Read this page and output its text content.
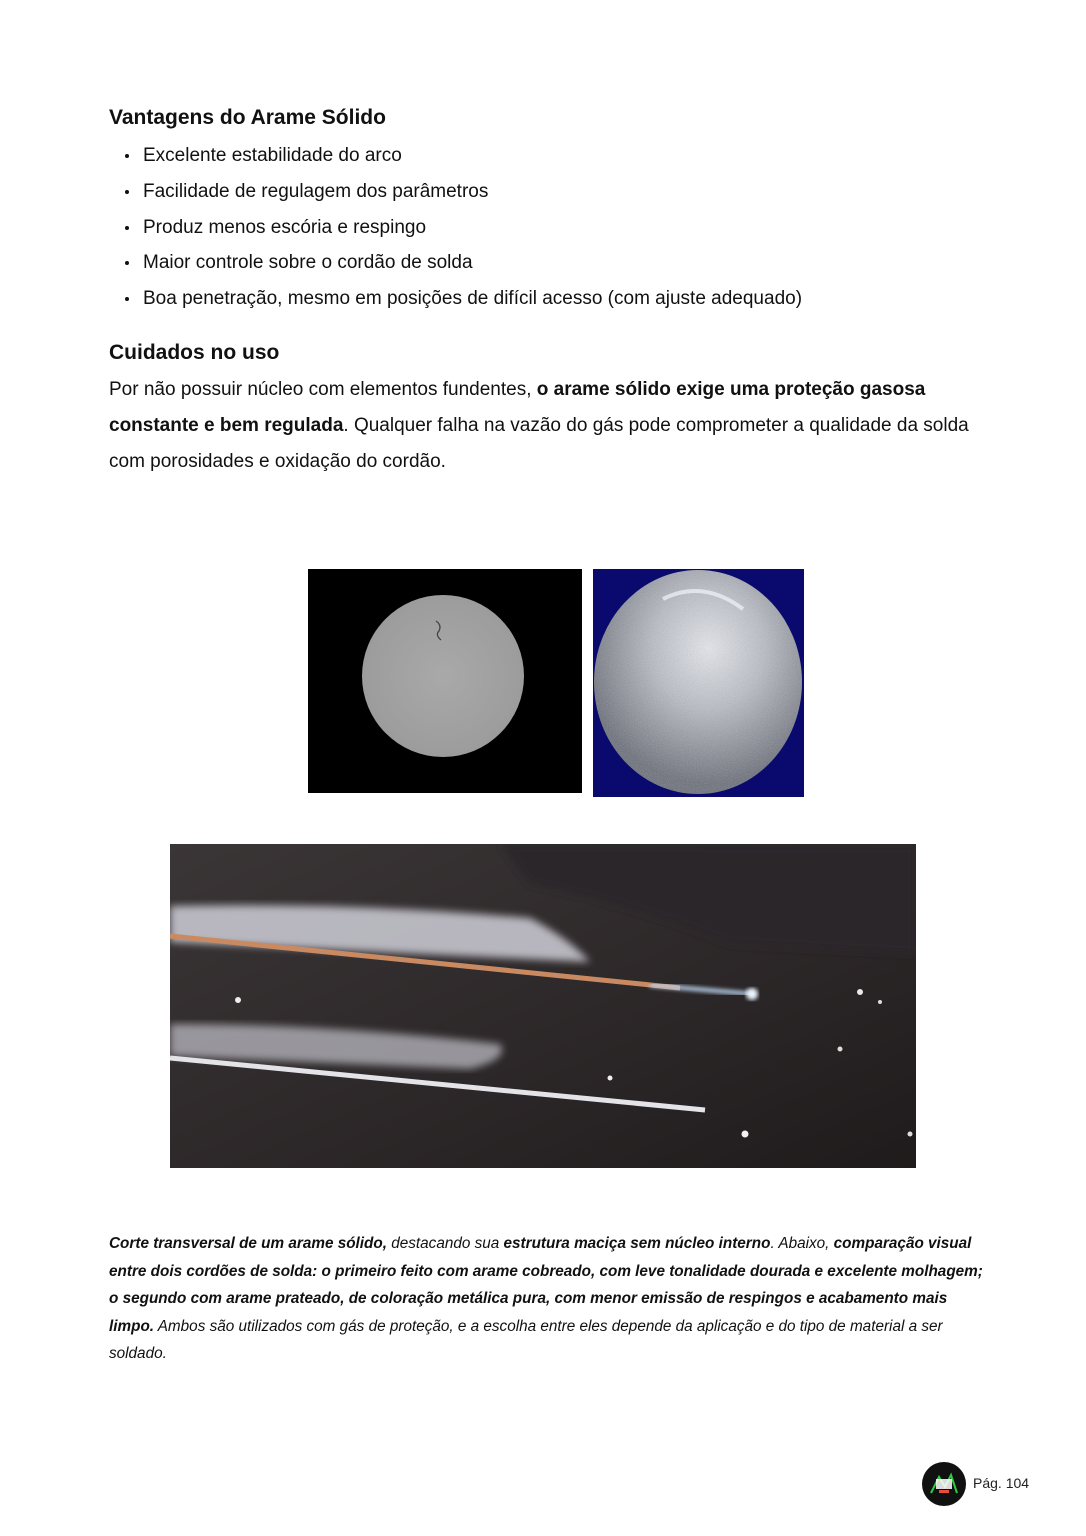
Vantagens do Arame Sólido
Excelente estabilidade do arco
Facilidade de regulagem dos parâmetros
Produz menos escória e respingo
Maior controle sobre o cordão de solda
Boa penetração, mesmo em posições de difícil acesso (com ajuste adequado)
Cuidados no uso

Por não possuir núcleo com elementos fundentes, o arame sólido exige uma proteção gasosa constante e bem regulada. Qualquer falha na vazão do gás pode comprometer a qualidade da solda com porosidades e oxidação do cordão.

Corte transversal de um arame sólido, destacando sua estrutura maciça sem núcleo interno. Abaixo, comparação visual entre dois cordões de solda: o primeiro feito com arame cobreado, com leve tonalidade dourada e excelente molhagem; o segundo com arame prateado, de coloração metálica pura, com menor emissão de respingos e acabamento mais limpo. Ambos são utilizados com gás de proteção, e a escolha entre eles depende da aplicação e do tipo de material a ser soldado.

Pág. 104
